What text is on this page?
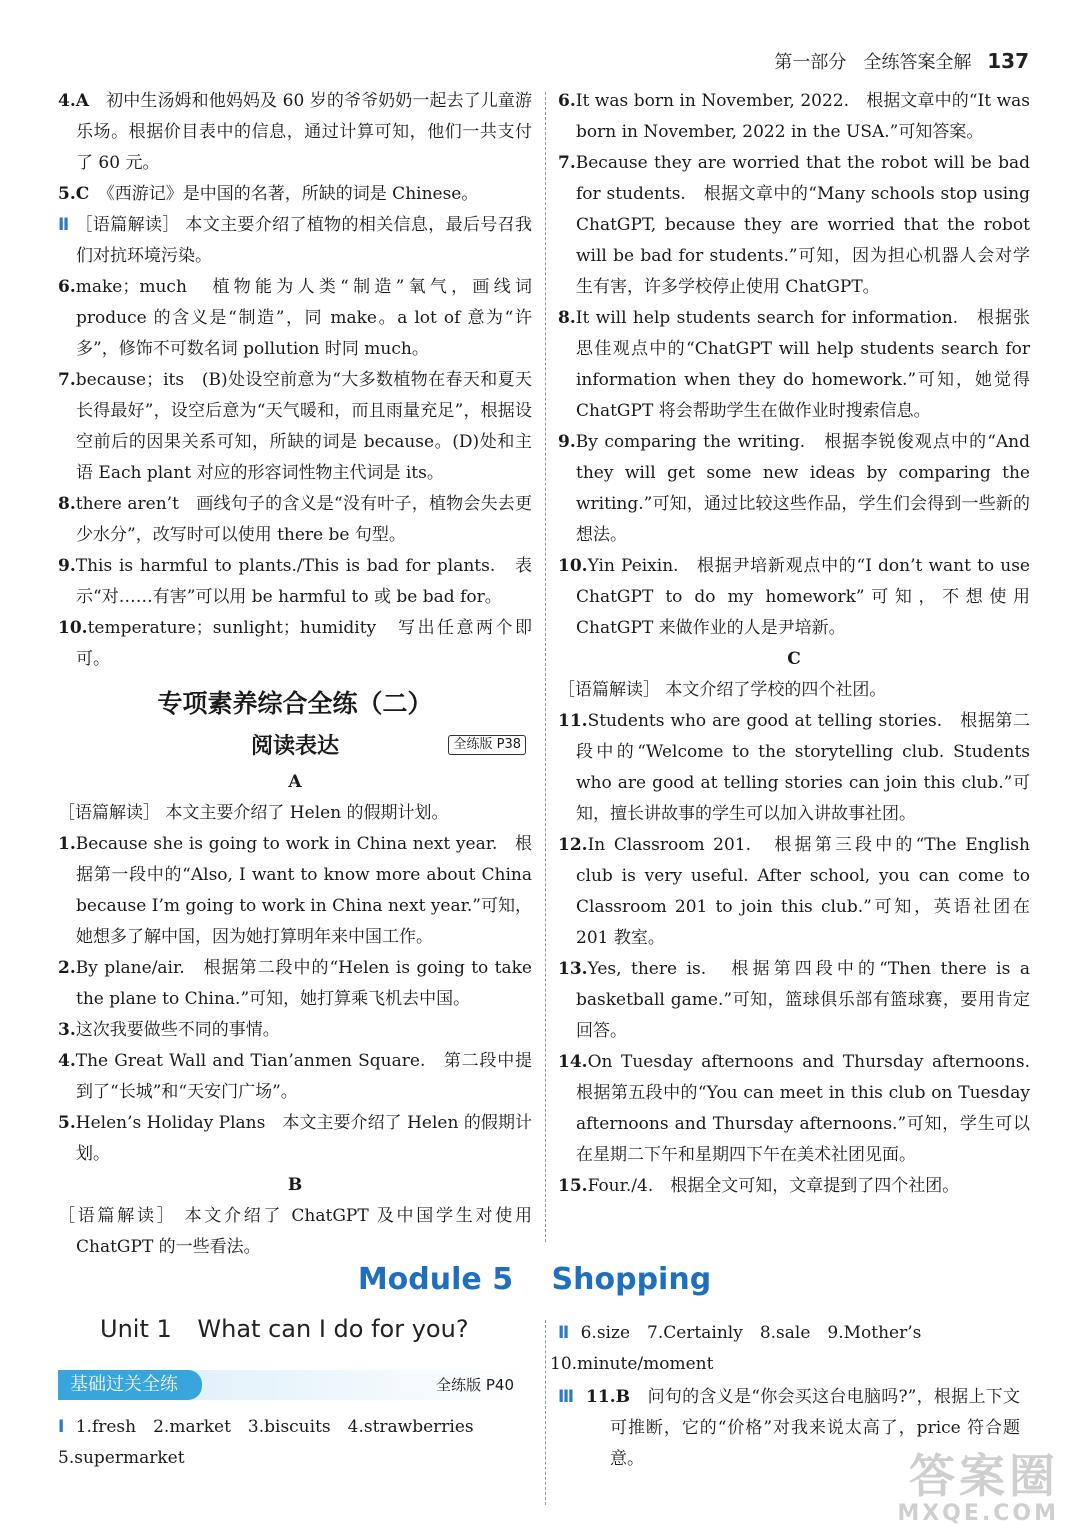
第一部分 全练答案全解 137

4.A　 初中生汤姆和他妈妈及 60 岁的爷爷奶奶一起去了儿童游乐场。根据价目表中的信息，通过计算可知，他们一共支付了 60 元。

5.C　 《西游记》是中国的名著，所缺的词是 Chinese。

Ⅱ ［语篇解读］ 本文主要介绍了植物的相关信息，最后号召我们对抗环境污染。

6.make；much　植物能为人类“制造”氧气，画线词 produce 的含义是“制造”，同 make。a lot of 意为“许多”，修饰不可数名词 pollution 时同 much。

7.because；its　(B)处设空前意为“大多数植物在春天和夏天长得最好”，设空后意为“天气暖和，而且雨量充足”，根据设空前后的因果关系可知，所缺的词是 because。(D)处和主语 Each plant 对应的形容词性物主代词是 its。

8.there aren’t　画线句子的含义是“没有叶子，植物会失去更少水分”，改写时可以使用 there be 句型。

9.This is harmful to plants./This is bad for plants.　表示“对……有害”可以用 be harmful to 或 be bad for。

10.temperature；sunlight；humidity　写出任意两个即可。

专项素养综合全练（二）
阅读表达	全练版 P38
A

［语篇解读］ 本文主要介绍了 Helen 的假期计划。

1.Because she is going to work in China next year.　根据第一段中的“Also, I want to know more about China because I’m going to work in China next year.”可知，她想多了解中国，因为她打算明年来中国工作。

2.By plane/air.　根据第二段中的“Helen is going to take the plane to China.”可知，她打算乘飞机去中国。

3.这次我要做些不同的事情。

4.The Great Wall and Tian’anmen Square.　第二段中提到了“长城”和“天安门广场”。

5.Helen’s Holiday Plans　本文主要介绍了 Helen 的假期计划。

B

［语篇解读］ 本文介绍了 ChatGPT 及中国学生对使用 ChatGPT 的一些看法。

6.It was born in November, 2022.　根据文章中的“It was born in November, 2022 in the USA.”可知答案。

7.Because they are worried that the robot will be bad for students.　根据文章中的“Many schools stop using ChatGPT, because they are worried that the robot will be bad for students.”可知，因为担心机器人会对学生有害，许多学校停止使用 ChatGPT。

8.It will help students search for information.　根据张思佳观点中的“ChatGPT will help students search for information when they do homework.”可知，她觉得 ChatGPT 将会帮助学生在做作业时搜索信息。

9.By comparing the writing.　根据李锐俊观点中的“And they will get some new ideas by comparing the writing.”可知，通过比较这些作品，学生们会得到一些新的想法。

10.Yin Peixin.　根据尹培新观点中的“I don’t want to use ChatGPT to do my homework”可知，不想使用 ChatGPT 来做作业的人是尹培新。

C

［语篇解读］ 本文介绍了学校的四个社团。

11.Students who are good at telling stories.　根据第二段中的“Welcome to the storytelling club. Students who are good at telling stories can join this club.”可知，擅长讲故事的学生可以加入讲故事社团。

12.In Classroom 201.　根据第三段中的“The English club is very useful. After school, you can come to Classroom 201 to join this club.”可知，英语社团在 201 教室。

13.Yes, there is.　根据第四段中的“Then there is a basketball game.”可知，篮球俱乐部有篮球赛，要用肯定回答。

14.On Tuesday afternoons and Thursday afternoons.　根据第五段中的“You can meet in this club on Tuesday afternoons and Thursday afternoons.”可知，学生可以在星期二下午和星期四下午在美术社团见面。

15.Four./4.　根据全文可知，文章提到了四个社团。

Module 5 Shopping
Unit 1 What can I do for you?
基础过关全练	全练版 P40
Ⅰ 1.fresh　2.market　3.biscuits　4.strawberries
5.supermarket
Ⅱ 6.size　7.Certainly　8.sale　9.Mother’s
10.minute/moment

Ⅲ 11.B　 问句的含义是“你会买这台电脑吗?”，根据上下文可推断，它的“价格”对我来说太高了，price 符合题意。	答案圈
MXQE.COM
